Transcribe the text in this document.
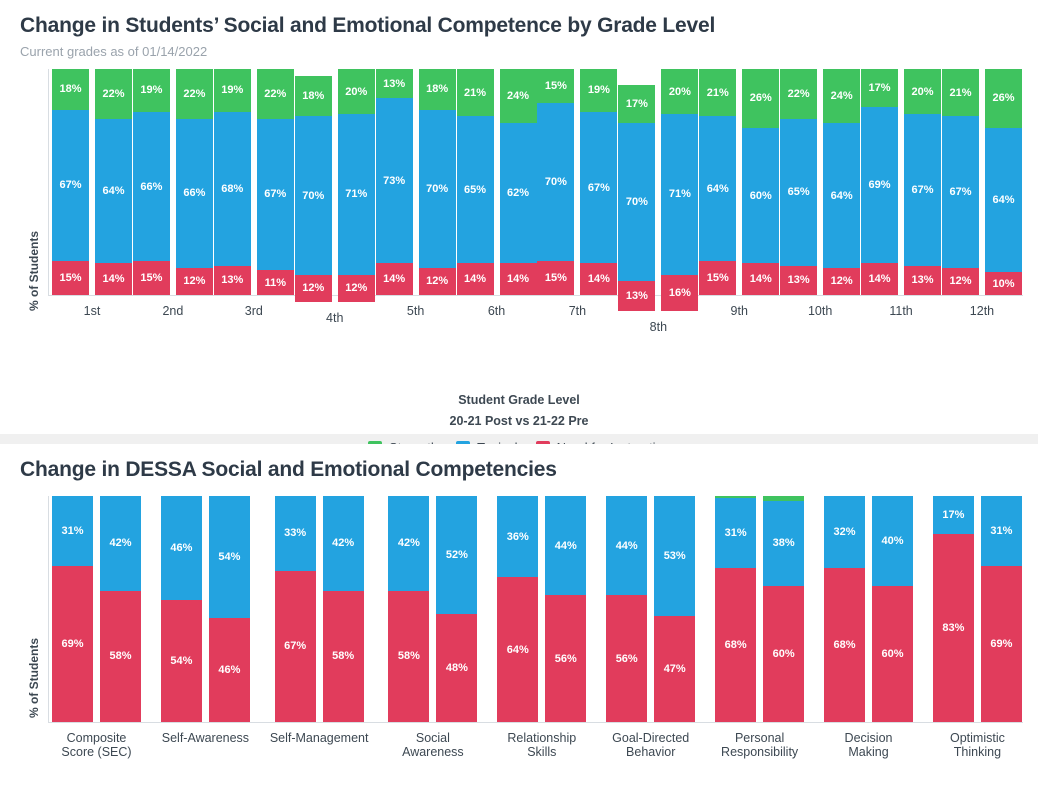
Change in Students’ Social and Emotional Competence by Grade Level
Current grades as of 01/14/2022
% of Students
18%
67%
15%
22%
64%
14%
1st
19%
66%
15%
22%
66%
12%
2nd
19%
68%
13%
22%
67%
11%
3rd
18%
70%
12%
20%
71%
12%
4th
13%
73%
14%
18%
70%
12%
5th
21%
65%
14%
24%
62%
14%
6th
15%
70%
15%
19%
67%
14%
7th
17%
70%
13%
20%
71%
16%
8th
21%
64%
15%
26%
60%
14%
9th
22%
65%
13%
24%
64%
12%
10th
17%
69%
14%
20%
67%
13%
11th
21%
67%
12%
26%
64%
10%
12th
Student Grade Level
20-21 Post vs 21-22 Pre
Change in DESSA Social and Emotional Competencies
% of Students
31%
69%
42%
58%
Composite
Score (SEC)
46%
54%
54%
46%
Self-Awareness
33%
67%
42%
58%
Self-Management
42%
58%
52%
48%
Social
Awareness
36%
64%
44%
56%
Relationship
Skills
44%
56%
53%
47%
Goal-Directed
Behavior
31%
68%
38%
60%
Personal
Responsibility
32%
68%
40%
60%
Decision
Making
17%
83%
31%
69%
Optimistic
Thinking
